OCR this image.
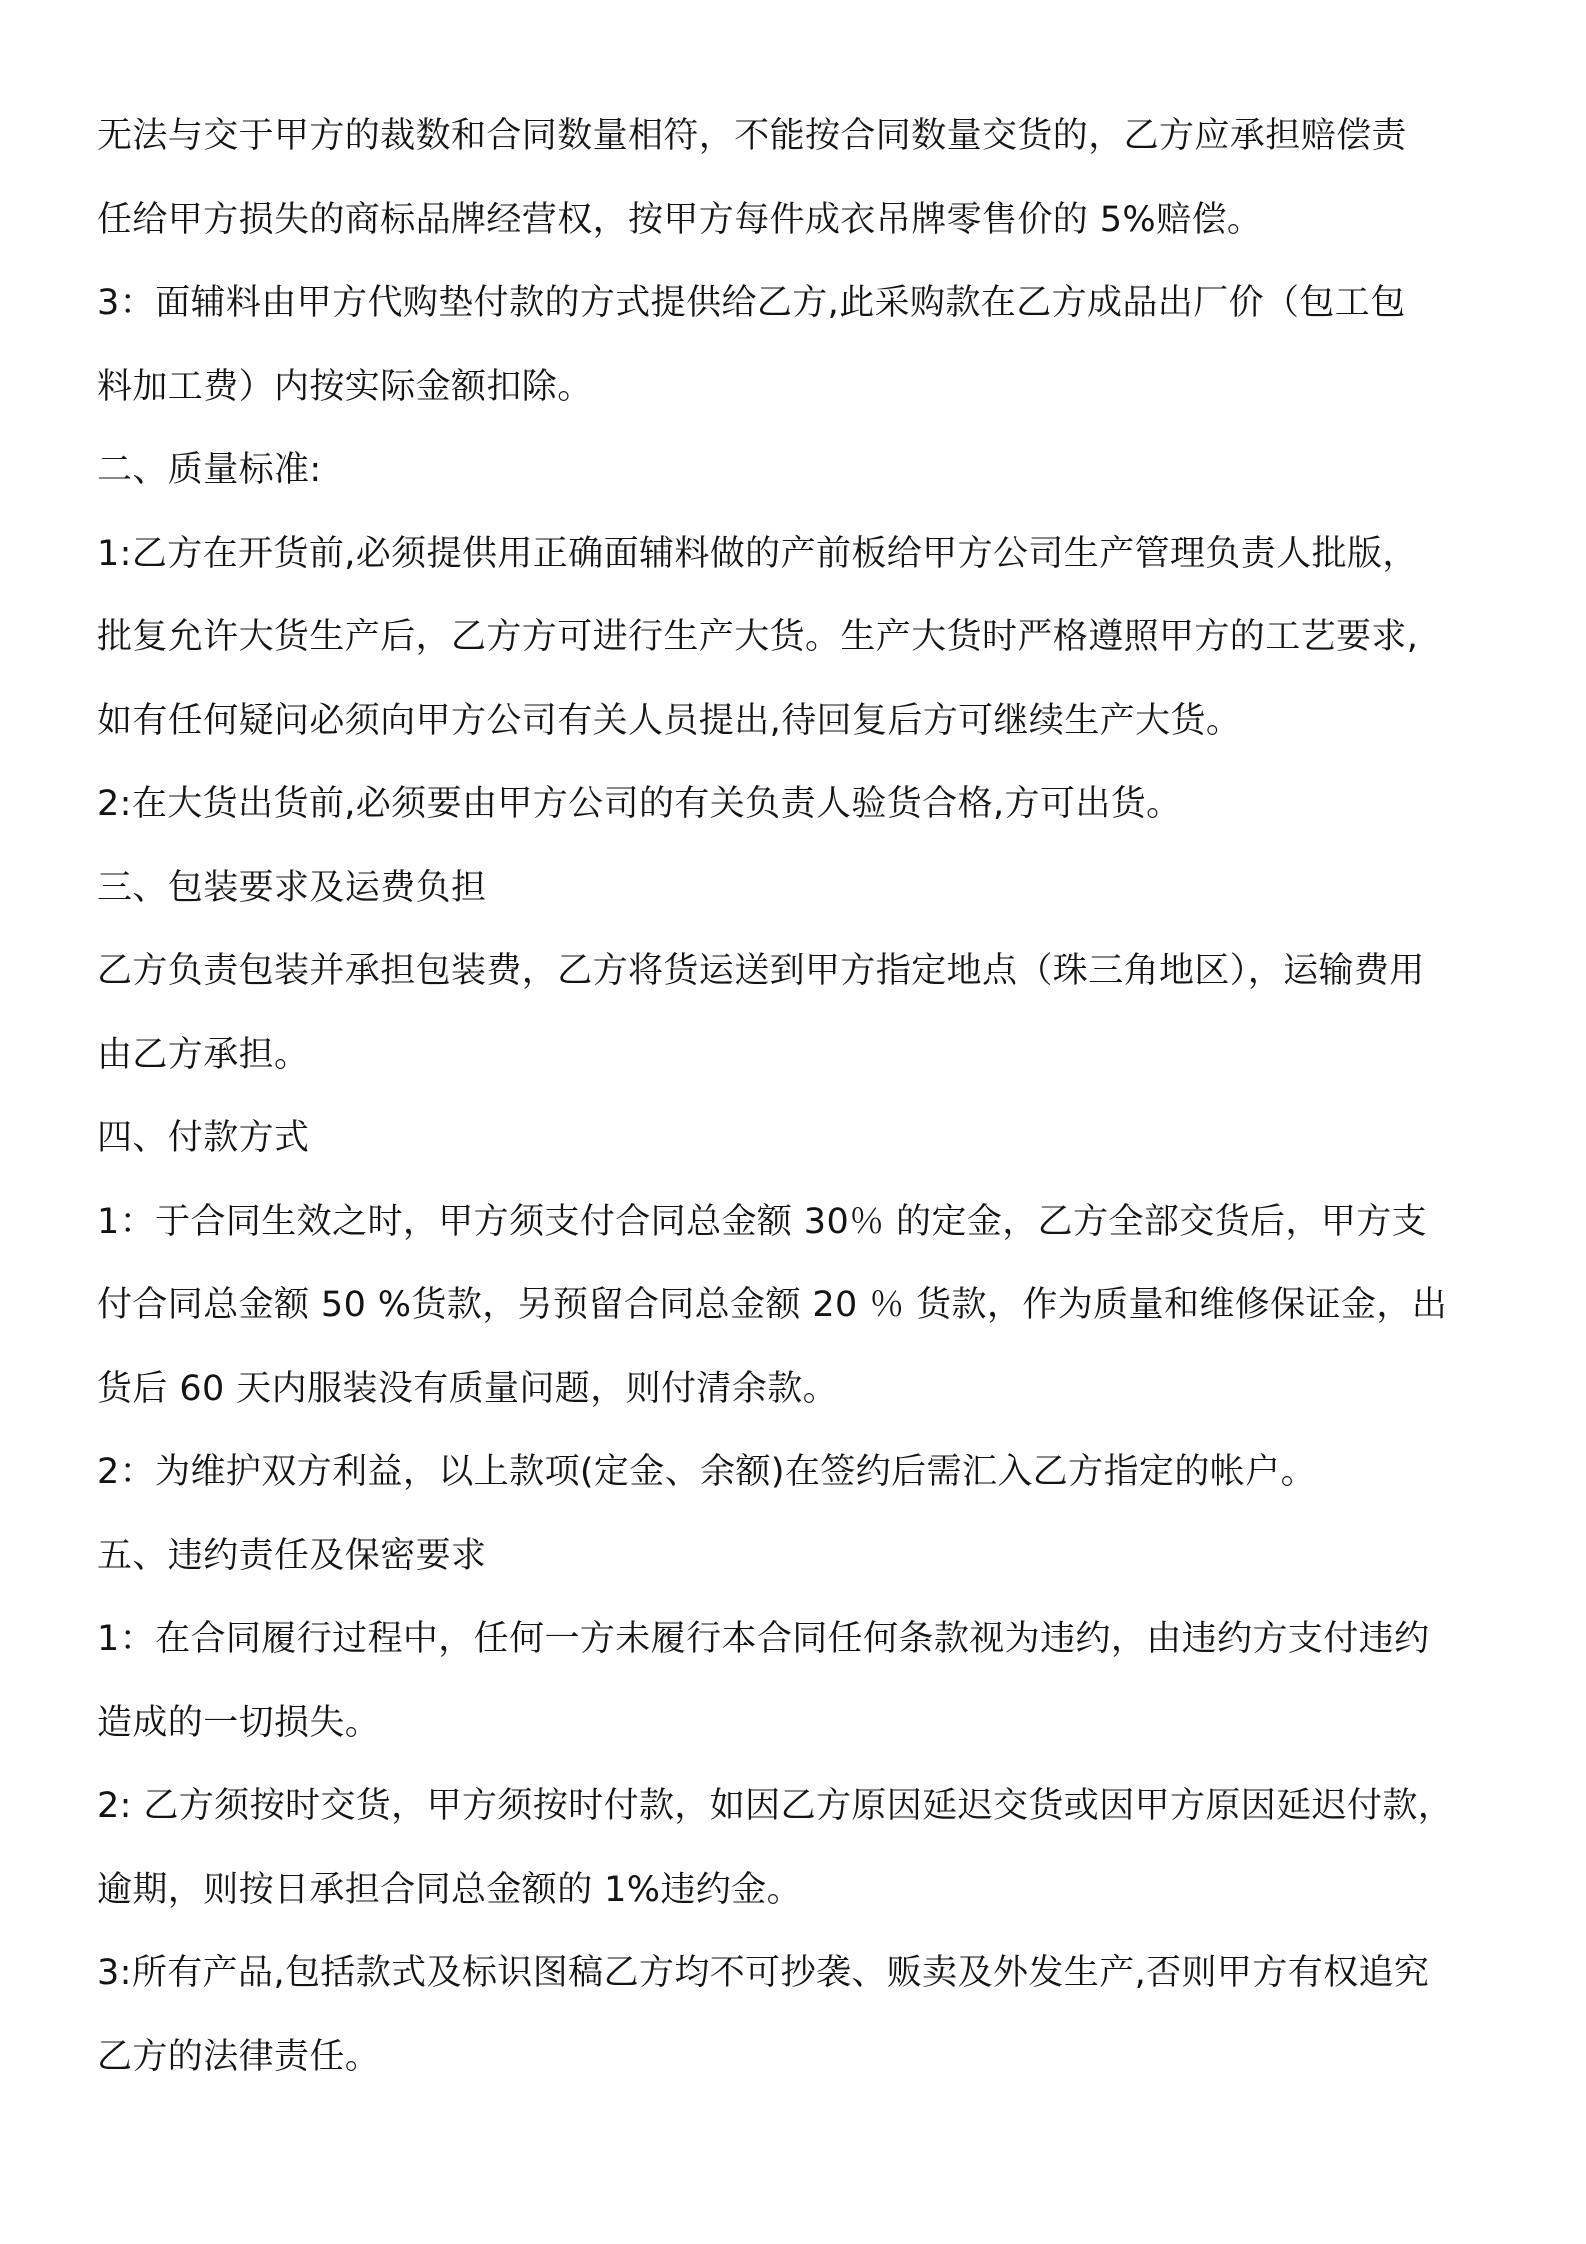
无法与交于甲方的裁数和合同数量相符，不能按合同数量交货的，乙方应承担赔偿责
任给甲方损失的商标品牌经营权，按甲方每件成衣吊牌零售价的 5%赔偿。
3：面辅料由甲方代购垫付款的方式提供给乙方,此采购款在乙方成品出厂价（包工包
料加工费）内按实际金额扣除。
二、质量标准:
1:乙方在开货前,必须提供用正确面辅料做的产前板给甲方公司生产管理负责人批版，
批复允许大货生产后，乙方方可进行生产大货。生产大货时严格遵照甲方的工艺要求,
如有任何疑问必须向甲方公司有关人员提出,待回复后方可继续生产大货。
2:在大货出货前,必须要由甲方公司的有关负责人验货合格,方可出货。
三、包装要求及运费负担
乙方负责包装并承担包装费，乙方将货运送到甲方指定地点（珠三角地区），运输费用
由乙方承担。
四、付款方式
1：于合同生效之时，甲方须支付合同总金额 30％ 的定金，乙方全部交货后，甲方支
付合同总金额 50 %货款，另预留合同总金额 20 ％ 货款，作为质量和维修保证金，出
货后 60 天内服装没有质量问题，则付清余款。
2：为维护双方利益，以上款项(定金、余额)在签约后需汇入乙方指定的帐户。
五、违约责任及保密要求
1：在合同履行过程中，任何一方未履行本合同任何条款视为违约，由违约方支付违约
造成的一切损失。
2: 乙方须按时交货，甲方须按时付款，如因乙方原因延迟交货或因甲方原因延迟付款，
逾期，则按日承担合同总金额的 1%违约金。
3:所有产品,包括款式及标识图稿乙方均不可抄袭、贩卖及外发生产,否则甲方有权追究
乙方的法律责任。
